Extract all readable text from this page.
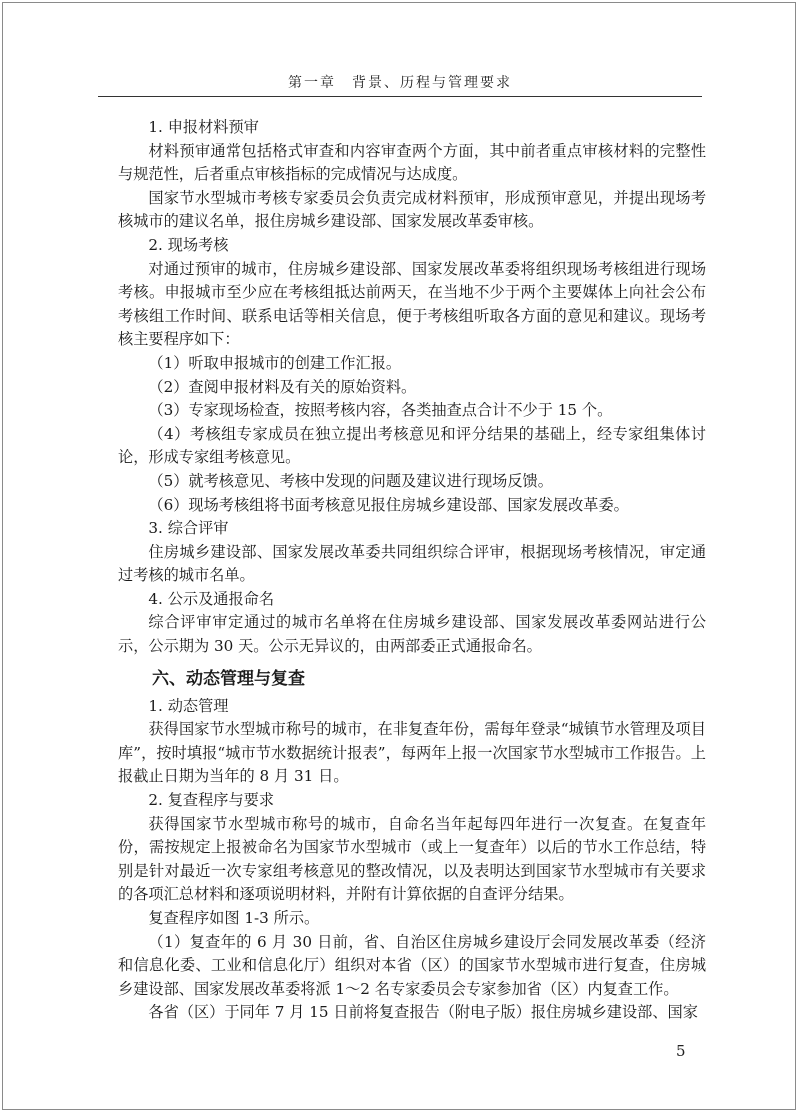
第一章　背景、历程与管理要求

1. 申报材料预审

材料预审通常包括格式审查和内容审查两个方面，其中前者重点审核材料的完整性与规范性，后者重点审核指标的完成情况与达成度。

国家节水型城市考核专家委员会负责完成材料预审，形成预审意见，并提出现场考核城市的建议名单，报住房城乡建设部、国家发展改革委审核。

2. 现场考核

对通过预审的城市，住房城乡建设部、国家发展改革委将组织现场考核组进行现场考核。申报城市至少应在考核组抵达前两天，在当地不少于两个主要媒体上向社会公布考核组工作时间、联系电话等相关信息，便于考核组听取各方面的意见和建议。现场考核主要程序如下：

（1）听取申报城市的创建工作汇报。

（2）查阅申报材料及有关的原始资料。

（3）专家现场检查，按照考核内容，各类抽查点合计不少于 15 个。

（4）考核组专家成员在独立提出考核意见和评分结果的基础上，经专家组集体讨论，形成专家组考核意见。

（5）就考核意见、考核中发现的问题及建议进行现场反馈。

（6）现场考核组将书面考核意见报住房城乡建设部、国家发展改革委。

3. 综合评审

住房城乡建设部、国家发展改革委共同组织综合评审，根据现场考核情况，审定通过考核的城市名单。

4. 公示及通报命名

综合评审审定通过的城市名单将在住房城乡建设部、国家发展改革委网站进行公示，公示期为 30 天。公示无异议的，由两部委正式通报命名。

六、动态管理与复查

1. 动态管理

获得国家节水型城市称号的城市，在非复查年份，需每年登录“城镇节水管理及项目库”，按时填报“城市节水数据统计报表”，每两年上报一次国家节水型城市工作报告。上报截止日期为当年的 8 月 31 日。

2. 复查程序与要求

获得国家节水型城市称号的城市，自命名当年起每四年进行一次复查。在复查年份，需按规定上报被命名为国家节水型城市（或上一复查年）以后的节水工作总结，特别是针对最近一次专家组考核意见的整改情况，以及表明达到国家节水型城市有关要求的各项汇总材料和逐项说明材料，并附有计算依据的自查评分结果。

复查程序如图 1-3 所示。

（1）复查年的 6 月 30 日前，省、自治区住房城乡建设厅会同发展改革委（经济和信息化委、工业和信息化厅）组织对本省（区）的国家节水型城市进行复查，住房城乡建设部、国家发展改革委将派 1～2 名专家委员会专家参加省（区）内复查工作。

各省（区）于同年 7 月 15 日前将复查报告（附电子版）报住房城乡建设部、国家

5
